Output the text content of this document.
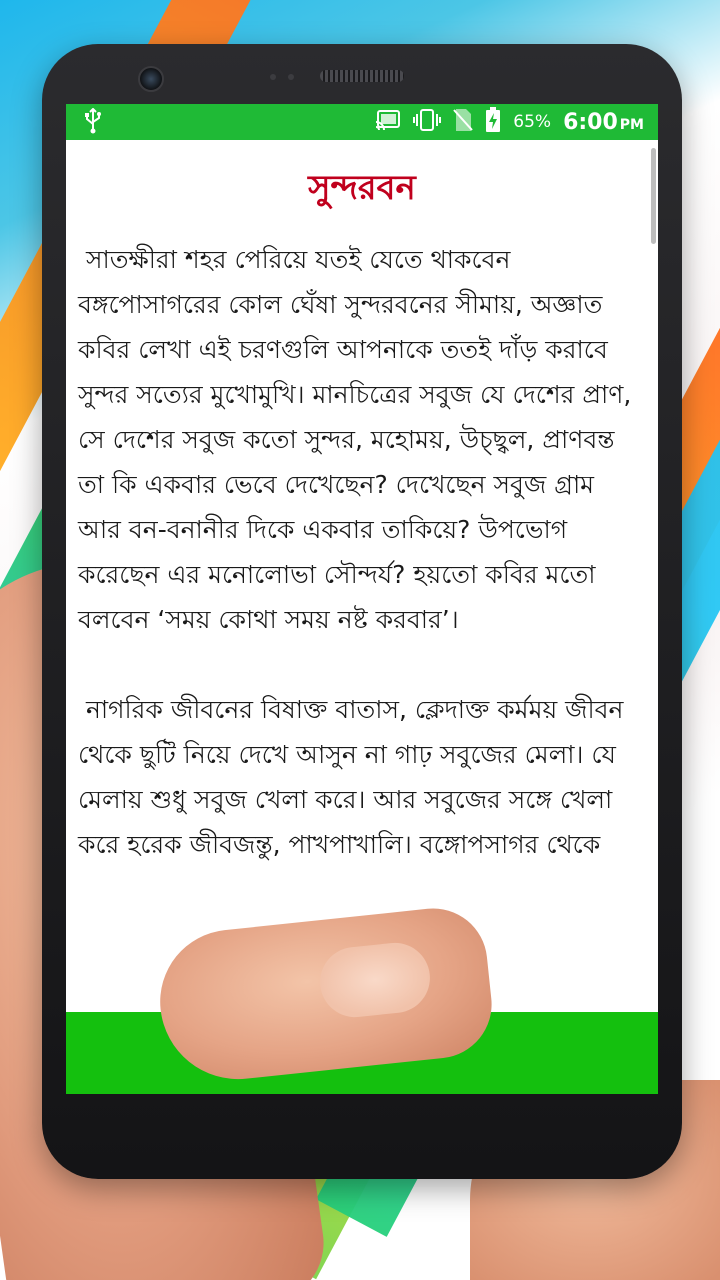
65% 6:00 PM
সুন্দরবন
সাতক্ষীরা শহর পেরিয়ে যতই যেতে থাকবেন বঙ্গপোসাগরের কোল ঘেঁষা সুন্দরবনের সীমায়, অজ্ঞাত কবির লেখা এই চরণগুলি আপনাকে ততই দাঁড় করাবে সুন্দর সত্যের মুখোমুখি। মানচিত্রের সবুজ যে দেশের প্রাণ, সে দেশের সবুজ কতো সুন্দর, মহোময়, উচ্ছ্বল, প্রাণবন্ত তা কি একবার ভেবে দেখেছেন? দেখেছেন সবুজ গ্রাম আর বন-বনানীর দিকে একবার তাকিয়ে? উপভোগ করেছেন এর মনোলোভা সৌন্দর্য? হয়তো কবির মতো বলবেন ‘সময় কোথা সময় নষ্ট করবার’।
নাগরিক জীবনের বিষাক্ত বাতাস, ক্লেদাক্ত কর্মময় জীবন থেকে ছুটি নিয়ে দেখে আসুন না গাঢ় সবুজের মেলা। যে মেলায় শুধু সবুজ খেলা করে। আর সবুজের সঙ্গে খেলা করে হরেক জীবজন্তু, পাখপাখালি। বঙ্গোপসাগর থেকে
